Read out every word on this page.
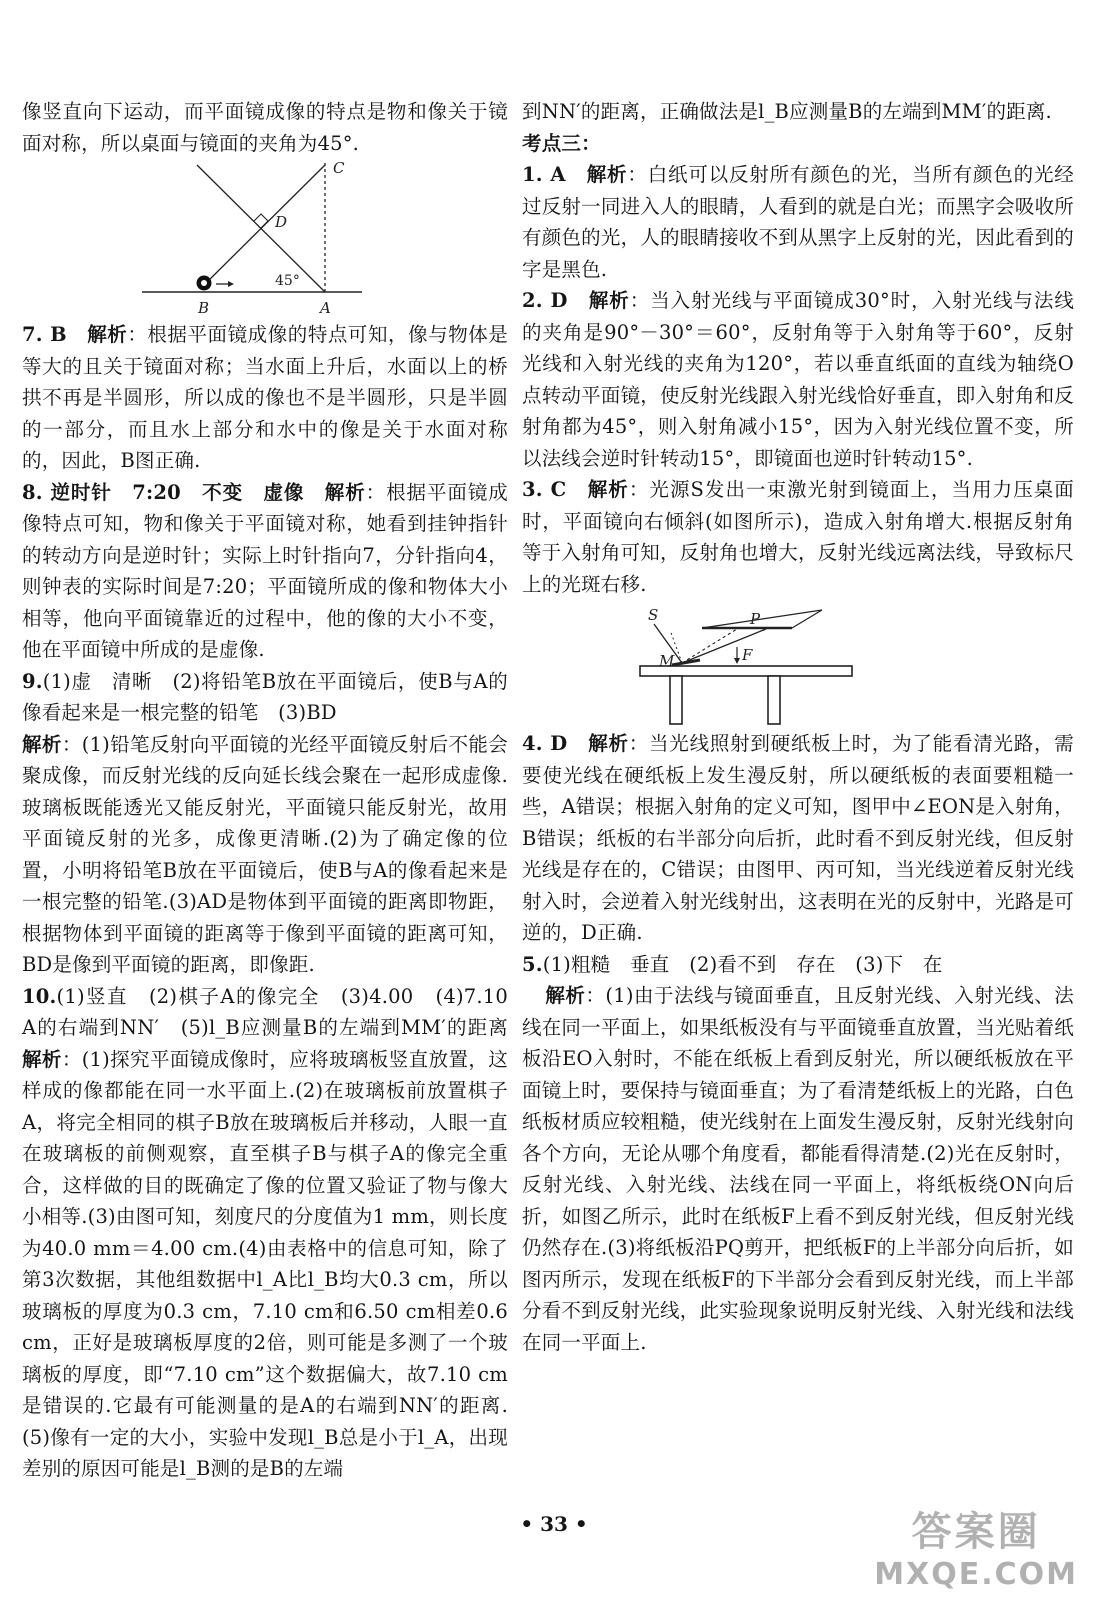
像竖直向下运动，而平面镜成像的特点是物和像关于镜面对称，所以桌面与镜面的夹角为45°.

C
D
45°
A
B

7. B　 解析：根据平面镜成像的特点可知，像与物体是等大的且关于镜面对称；当水面上升后，水面以上的桥拱不再是半圆形，所以成的像也不是半圆形，只是半圆的一部分，而且水上部分和水中的像是关于水面对称的，因此，B图正确.

8. 逆时针　7:20　不变　虚像　 解析：根据平面镜成像特点可知，物和像关于平面镜对称，她看到挂钟指针的转动方向是逆时针；实际上时针指向7，分针指向4，则钟表的实际时间是7:20；平面镜所成的像和物体大小相等，他向平面镜靠近的过程中，他的像的大小不变，他在平面镜中所成的是虚像.

9.(1)虚　清晰　(2)将铅笔B放在平面镜后，使B与A的像看起来是一根完整的铅笔　(3)BD

解析：(1)铅笔反射向平面镜的光经平面镜反射后不能会聚成像，而反射光线的反向延长线会聚在一起形成虚像.玻璃板既能透光又能反射光，平面镜只能反射光，故用平面镜反射的光多，成像更清晰.(2)为了确定像的位置，小明将铅笔B放在平面镜后，使B与A的像看起来是一根完整的铅笔.(3)AD是物体到平面镜的距离即物距，根据物体到平面镜的距离等于像到平面镜的距离可知，BD是像到平面镜的距离，即像距.

10.(1)竖直　(2)棋子A的像完全　(3)4.00　(4)7.10　A的右端到NN′　(5)l_B应测量B的左端到MM′的距离　解析：(1)探究平面镜成像时，应将玻璃板竖直放置，这样成的像都能在同一水平面上.(2)在玻璃板前放置棋子A，将完全相同的棋子B放在玻璃板后并移动，人眼一直在玻璃板的前侧观察，直至棋子B与棋子A的像完全重合，这样做的目的既确定了像的位置又验证了物与像大小相等.(3)由图可知，刻度尺的分度值为1 mm，则长度为40.0 mm＝4.00 cm.(4)由表格中的信息可知，除了第3次数据，其他组数据中l_A比l_B均大0.3 cm，所以玻璃板的厚度为0.3 cm，7.10 cm和6.50 cm相差0.6 cm，正好是玻璃板厚度的2倍，则可能是多测了一个玻璃板的厚度，即“7.10 cm”这个数据偏大，故7.10 cm是错误的.它最有可能测量的是A的右端到NN′的距离.(5)像有一定的大小，实验中发现l_B总是小于l_A，出现差别的原因可能是l_B测的是B的左端

到NN′的距离，正确做法是l_B应测量B的左端到MM′的距离.

考点三：

1. A　 解析：白纸可以反射所有颜色的光，当所有颜色的光经过反射一同进入人的眼睛，人看到的就是白光；而黑字会吸收所有颜色的光，人的眼睛接收不到从黑字上反射的光，因此看到的字是黑色.

2. D　 解析：当入射光线与平面镜成30°时，入射光线与法线的夹角是90°－30°＝60°，反射角等于入射角等于60°，反射光线和入射光线的夹角为120°，若以垂直纸面的直线为轴绕O点转动平面镜，使反射光线跟入射光线恰好垂直，即入射角和反射角都为45°，则入射角减小15°，因为入射光线位置不变，所以法线会逆时针转动15°，即镜面也逆时针转动15°.

3. C　 解析：光源S发出一束激光射到镜面上，当用力压桌面时，平面镜向右倾斜(如图所示)，造成入射角增大.根据反射角等于入射角可知，反射角也增大，反射光线远离法线，导致标尺上的光斑右移.

S	P
M	F

4. D　 解析：当光线照射到硬纸板上时，为了能看清光路，需要使光线在硬纸板上发生漫反射，所以硬纸板的表面要粗糙一些，A错误；根据入射角的定义可知，图甲中∠EON是入射角，B错误；纸板的右半部分向后折，此时看不到反射光线，但反射光线是存在的，C错误；由图甲、丙可知，当光线逆着反射光线射入时，会逆着入射光线射出，这表明在光的反射中，光路是可逆的，D正确.

5.(1)粗糙　垂直　(2)看不到　存在　(3)下　在

解析：(1)由于法线与镜面垂直，且反射光线、入射光线、法线在同一平面上，如果纸板没有与平面镜垂直放置，当光贴着纸板沿EO入射时，不能在纸板上看到反射光，所以硬纸板放在平面镜上时，要保持与镜面垂直；为了看清楚纸板上的光路，白色纸板材质应较粗糙，使光线射在上面发生漫反射，反射光线射向各个方向，无论从哪个角度看，都能看得清楚.(2)光在反射时，反射光线、入射光线、法线在同一平面上，将纸板绕ON向后折，如图乙所示，此时在纸板F上看不到反射光线，但反射光线仍然存在.(3)将纸板沿PQ剪开，把纸板F的上半部分向后折，如图丙所示，发现在纸板F的下半部分会看到反射光线，而上半部分看不到反射光线，此实验现象说明反射光线、入射光线和法线在同一平面上.

• 33 •	答案圈
MXQE.COM
